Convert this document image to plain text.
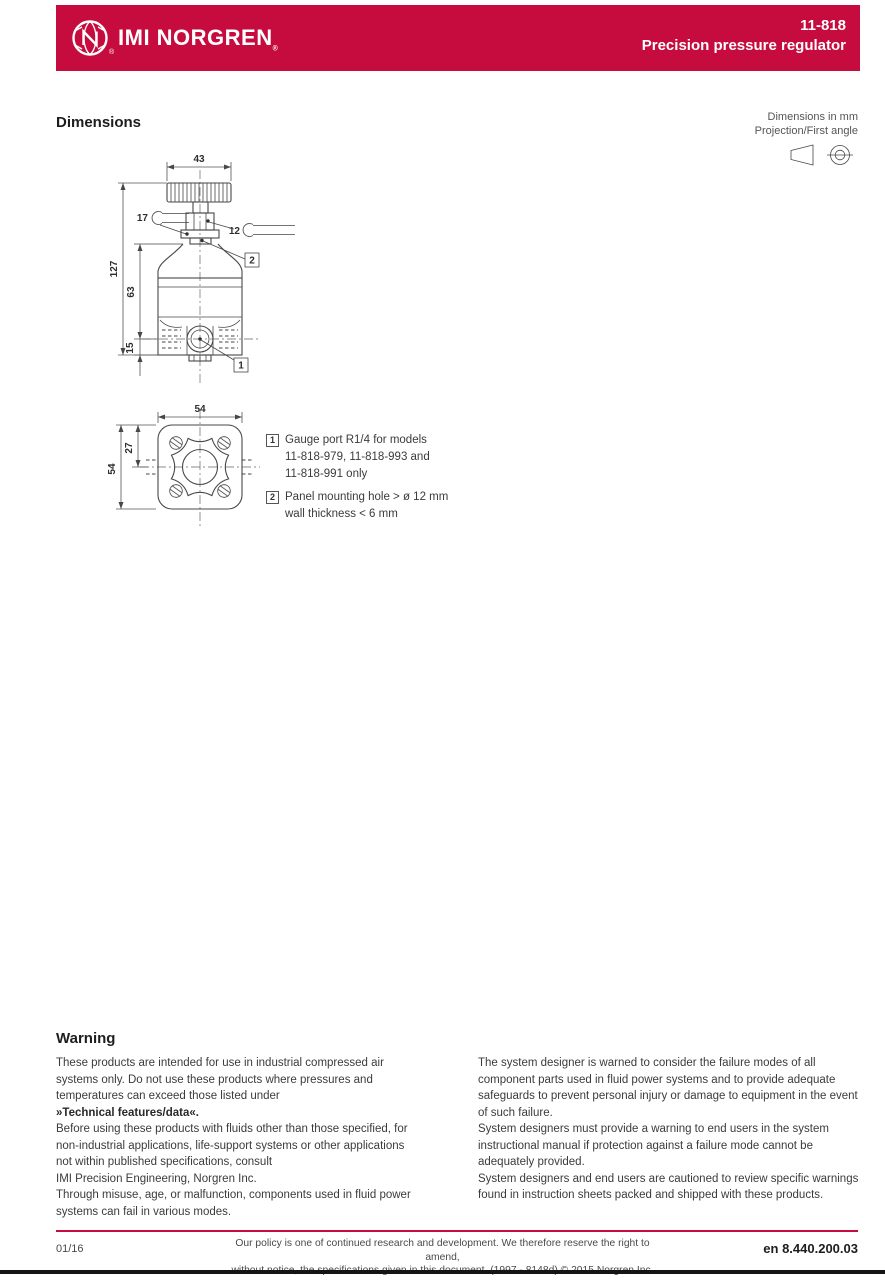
®
IMI $NORGREN_®$
11-818
Precision pressure regulator
Dimensions	Dimensions in mm
Projection/First angle
43
127
63
15
17
12
2
1
54
54
27
1 Gauge port R1/4 for models
11-818-979, 11-818-993 and
11-818-991 only
2 Panel mounting hole > ø 12 mm
wall thickness < 6 mm
Warning
These products are intended for use in industrial compressed air systems only. Do not use these products where pressures and temperatures can exceed those listed under
»Technical features/data«.
Before using these products with fluids other than those specified, for non-industrial applications, life-support systems or other applications not within published specifications, consult
IMI Precision Engineering, Norgren Inc.
Through misuse, age, or malfunction, components used in fluid power systems can fail in various modes.
The system designer is warned to consider the failure modes of all component parts used in fluid power systems and to provide adequate safeguards to prevent personal injury or damage to equipment in the event of such failure.
System designers must provide a warning to end users in the system instructional manual if protection against a failure mode cannot be adequately provided.
System designers and end users are cautioned to review specific warnings found in instruction sheets packed and shipped with these products.
01/16	Our policy is one of continued research and development. We therefore reserve the right to amend,
en 8.440.200.03
